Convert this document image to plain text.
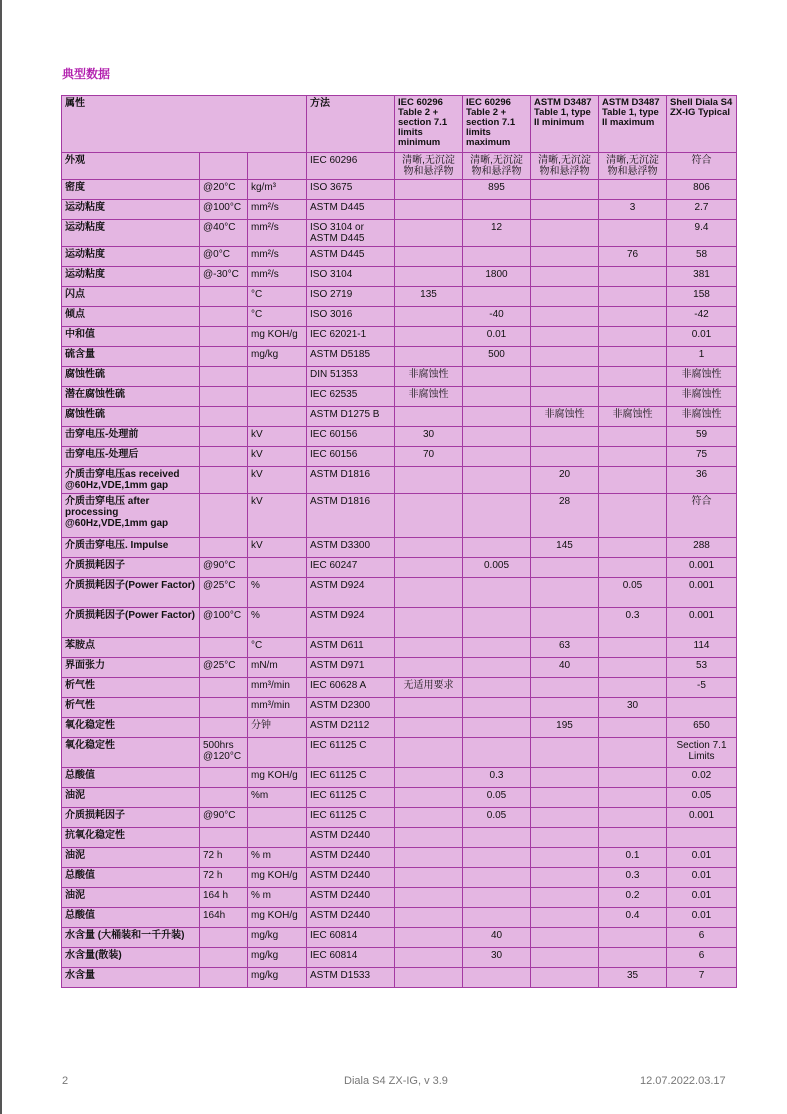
典型数据
属性			方法	IEC 60296 Table 2 + section 7.1 limits minimum	IEC 60296 Table 2 + section 7.1 limits maximum	ASTM D3487 Table 1, type II minimum	ASTM D3487 Table 1, type II maximum	Shell Diala S4 ZX-IG Typical
外观			IEC 60296	清晰,无沉淀物和悬浮物	清晰,无沉淀物和悬浮物	清晰,无沉淀物和悬浮物	清晰,无沉淀物和悬浮物	符合
密度	@20°C	kg/m³	ISO 3675		895			806
运动粘度	@100°C	mm²/s	ASTM D445				3	2.7
运动粘度	@40°C	mm²/s	ISO 3104 or ASTM D445		12			9.4
运动粘度	@0°C	mm²/s	ASTM D445				76	58
运动粘度	@-30°C	mm²/s	ISO 3104		1800			381
闪点		°C	ISO 2719	135				158
倾点		°C	ISO 3016		-40			-42
中和值		mg KOH/g	IEC 62021-1		0.01			0.01
硫含量		mg/kg	ASTM D5185		500			1
腐蚀性硫			DIN 51353	非腐蚀性				非腐蚀性
潜在腐蚀性硫			IEC 62535	非腐蚀性				非腐蚀性
腐蚀性硫			ASTM D1275 B			非腐蚀性	非腐蚀性	非腐蚀性
击穿电压-处理前		kV	IEC 60156	30				59
击穿电压-处理后		kV	IEC 60156	70				75
介质击穿电压as received @60Hz,VDE,1mm gap		kV	ASTM D1816			20		36
介质击穿电压 after processing @60Hz,VDE,1mm gap		kV	ASTM D1816			28		符合
介质击穿电压. Impulse		kV	ASTM D3300			145		288
介质损耗因子	@90°C		IEC 60247		0.005			0.001
介质损耗因子(Power Factor)	@25°C	%	ASTM D924				0.05	0.001
介质损耗因子(Power Factor)	@100°C	%	ASTM D924				0.3	0.001
苯胺点		°C	ASTM D611			63		114
界面张力	@25°C	mN/m	ASTM D971			40		53
析气性		mm³/min	IEC 60628 A	无适用要求				-5
析气性		mm³/min	ASTM D2300				30	
氧化稳定性		分钟	ASTM D2112			195		650
氧化稳定性	500hrs @120°C		IEC 61125 C					Section 7.1 Limits
总酸值		mg KOH/g	IEC 61125 C		0.3			0.02
油泥		%m	IEC 61125 C		0.05			0.05
介质损耗因子	@90°C		IEC 61125 C		0.05			0.001
抗氧化稳定性			ASTM D2440					
油泥	72 h	% m	ASTM D2440				0.1	0.01
总酸值	72 h	mg KOH/g	ASTM D2440				0.3	0.01
油泥	164 h	% m	ASTM D2440				0.2	0.01
总酸值	164h	mg KOH/g	ASTM D2440				0.4	0.01
水含量 (大桶装和一千升装)		mg/kg	IEC 60814		40			6
水含量(散装)		mg/kg	IEC 60814		30			6
水含量		mg/kg	ASTM D1533				35	7
2	Diala S4 ZX-IG, v 3.9	12.07.2022.03.17
